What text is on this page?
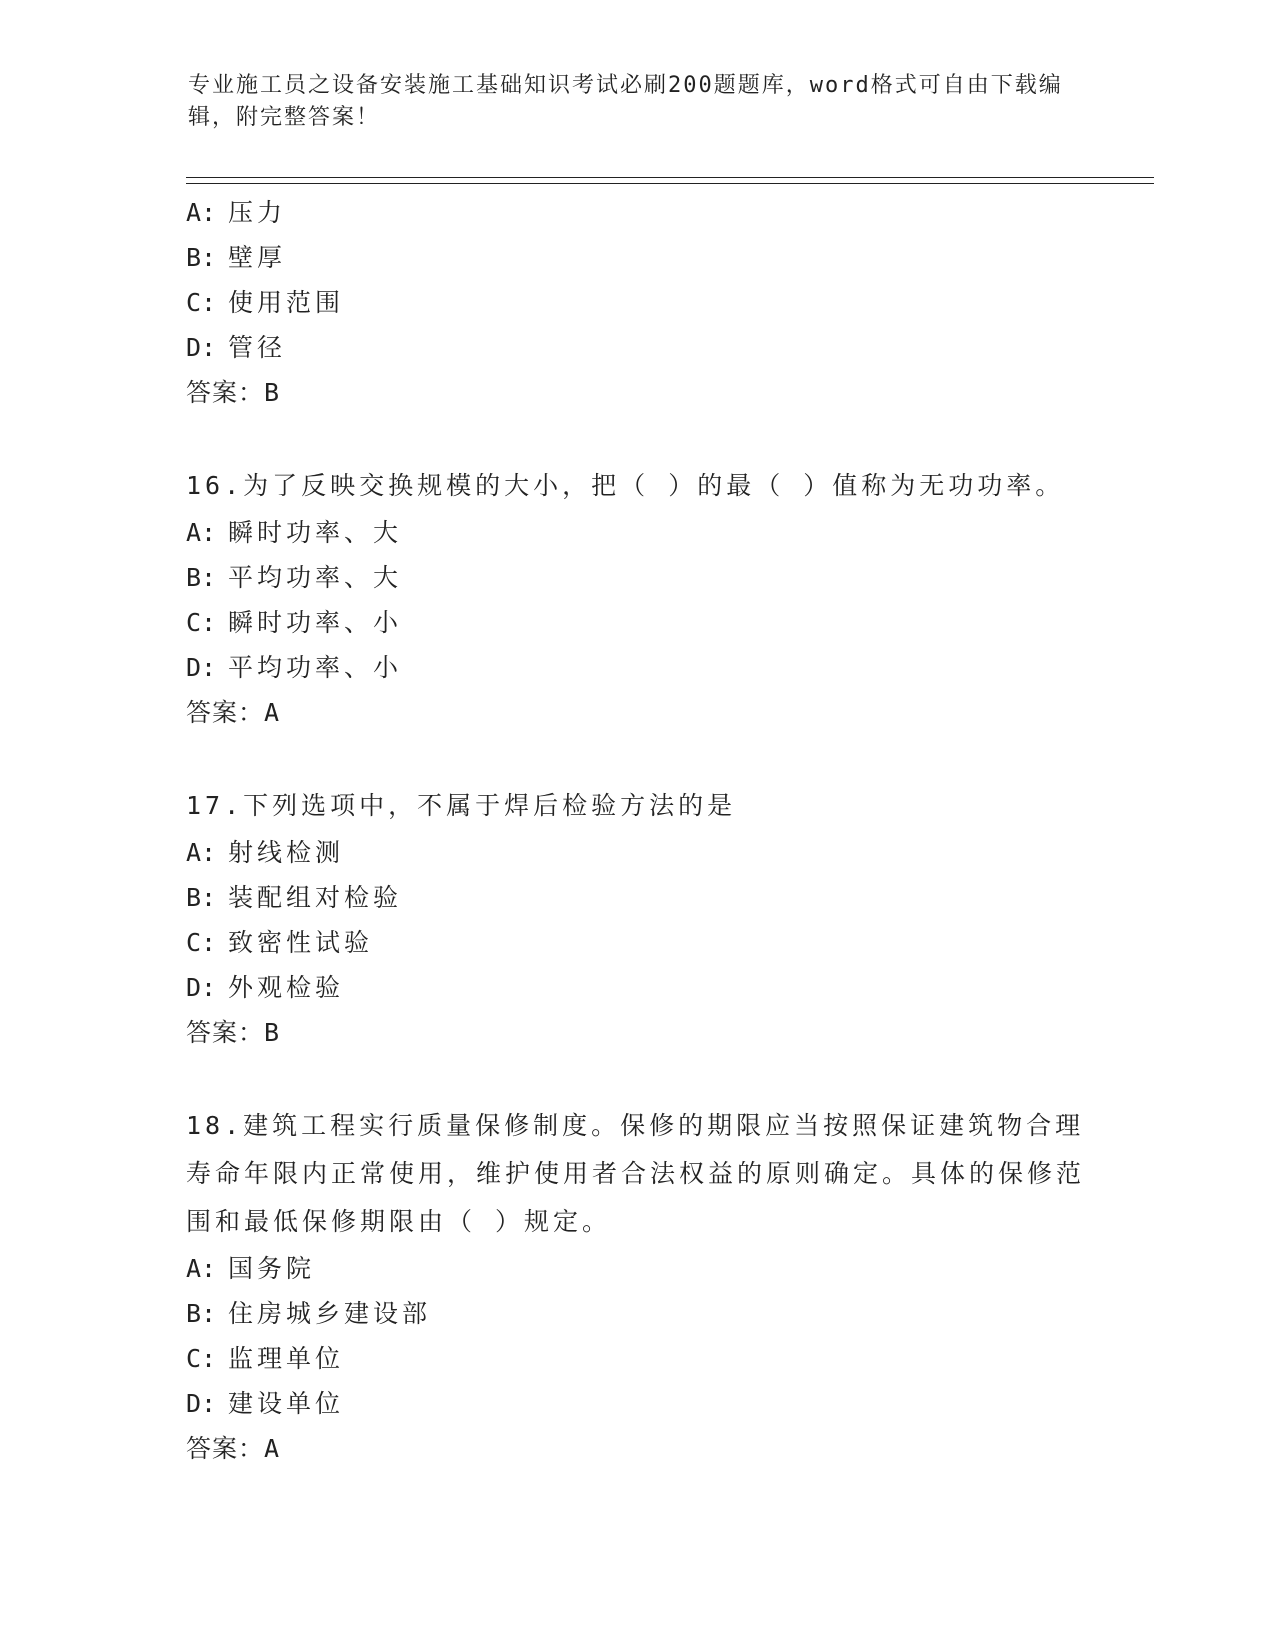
专业施工员之设备安装施工基础知识考试必刷200题题库，word格式可自由下载编辑，附完整答案！

A: 压力

B: 壁厚

C: 使用范围

D: 管径

答案：B

16.为了反映交换规模的大小，把（ ）的最（ ）值称为无功功率。

A: 瞬时功率、大

B: 平均功率、大

C: 瞬时功率、小

D: 平均功率、小

答案：A

17.下列选项中，不属于焊后检验方法的是

A: 射线检测

B: 装配组对检验

C: 致密性试验

D: 外观检验

答案：B

18.建筑工程实行质量保修制度。保修的期限应当按照保证建筑物合理寿命年限内正常使用，维护使用者合法权益的原则确定。具体的保修范围和最低保修期限由（ ）规定。

A: 国务院

B: 住房城乡建设部

C: 监理单位

D: 建设单位

答案：A
